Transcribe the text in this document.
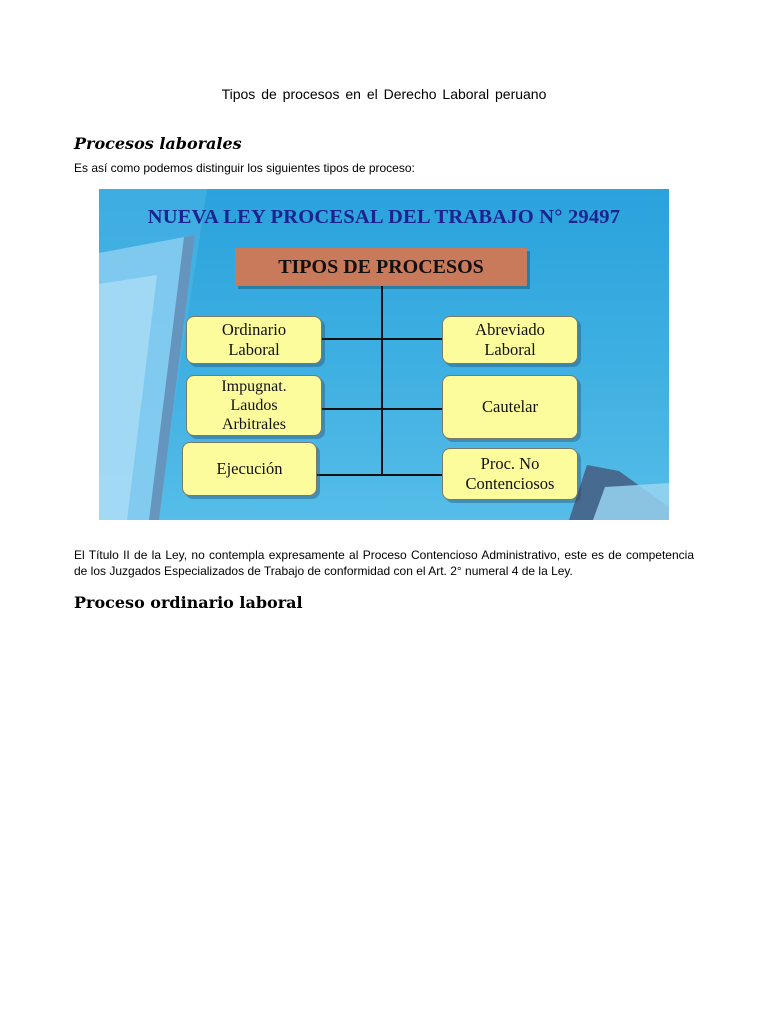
Tipos de procesos en el Derecho Laboral peruano
Procesos laborales

Es así como podemos distinguir los siguientes tipos de proceso:

NUEVA LEY PROCESAL DEL TRABAJO N° 29497
TIPOS DE PROCESOS
Ordinario
Laboral
Impugnat.
Laudos
Arbitrales
Ejecución
Abreviado
Laboral
Cautelar
Proc. No
Contenciosos

El Título II de la Ley, no contempla expresamente al Proceso Contencioso Administrativo, este es de competencia de los Juzgados Especializados de Trabajo de conformidad con el Art. 2° numeral 4 de la Ley.

Proceso ordinario laboral
